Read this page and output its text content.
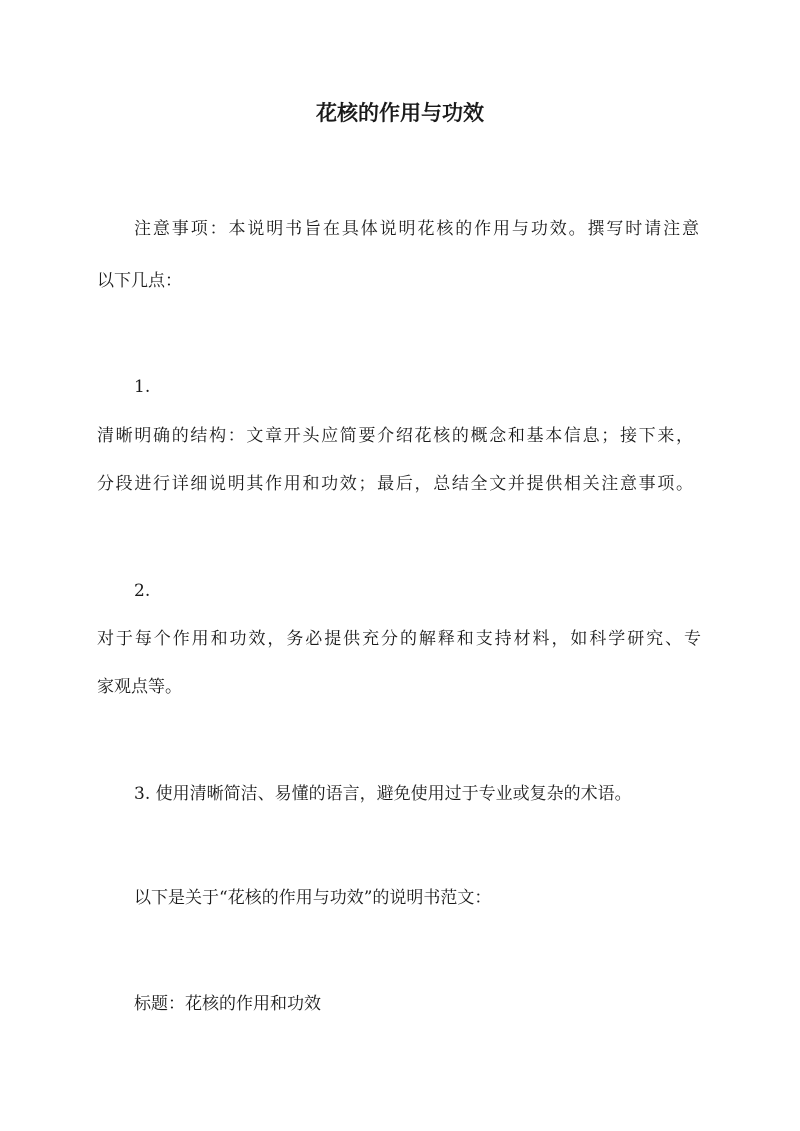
花核的作用与功效
注意事项：本说明书旨在具体说明花核的作用与功效。撰写时请注意
以下几点：
1.
清晰明确的结构：文章开头应简要介绍花核的概念和基本信息；接下来，
分段进行详细说明其作用和功效；最后，总结全文并提供相关注意事项。
2.
对于每个作用和功效，务必提供充分的解释和支持材料，如科学研究、专
家观点等。
3. 使用清晰简洁、易懂的语言，避免使用过于专业或复杂的术语。
以下是关于“花核的作用与功效”的说明书范文：
标题：花核的作用和功效
